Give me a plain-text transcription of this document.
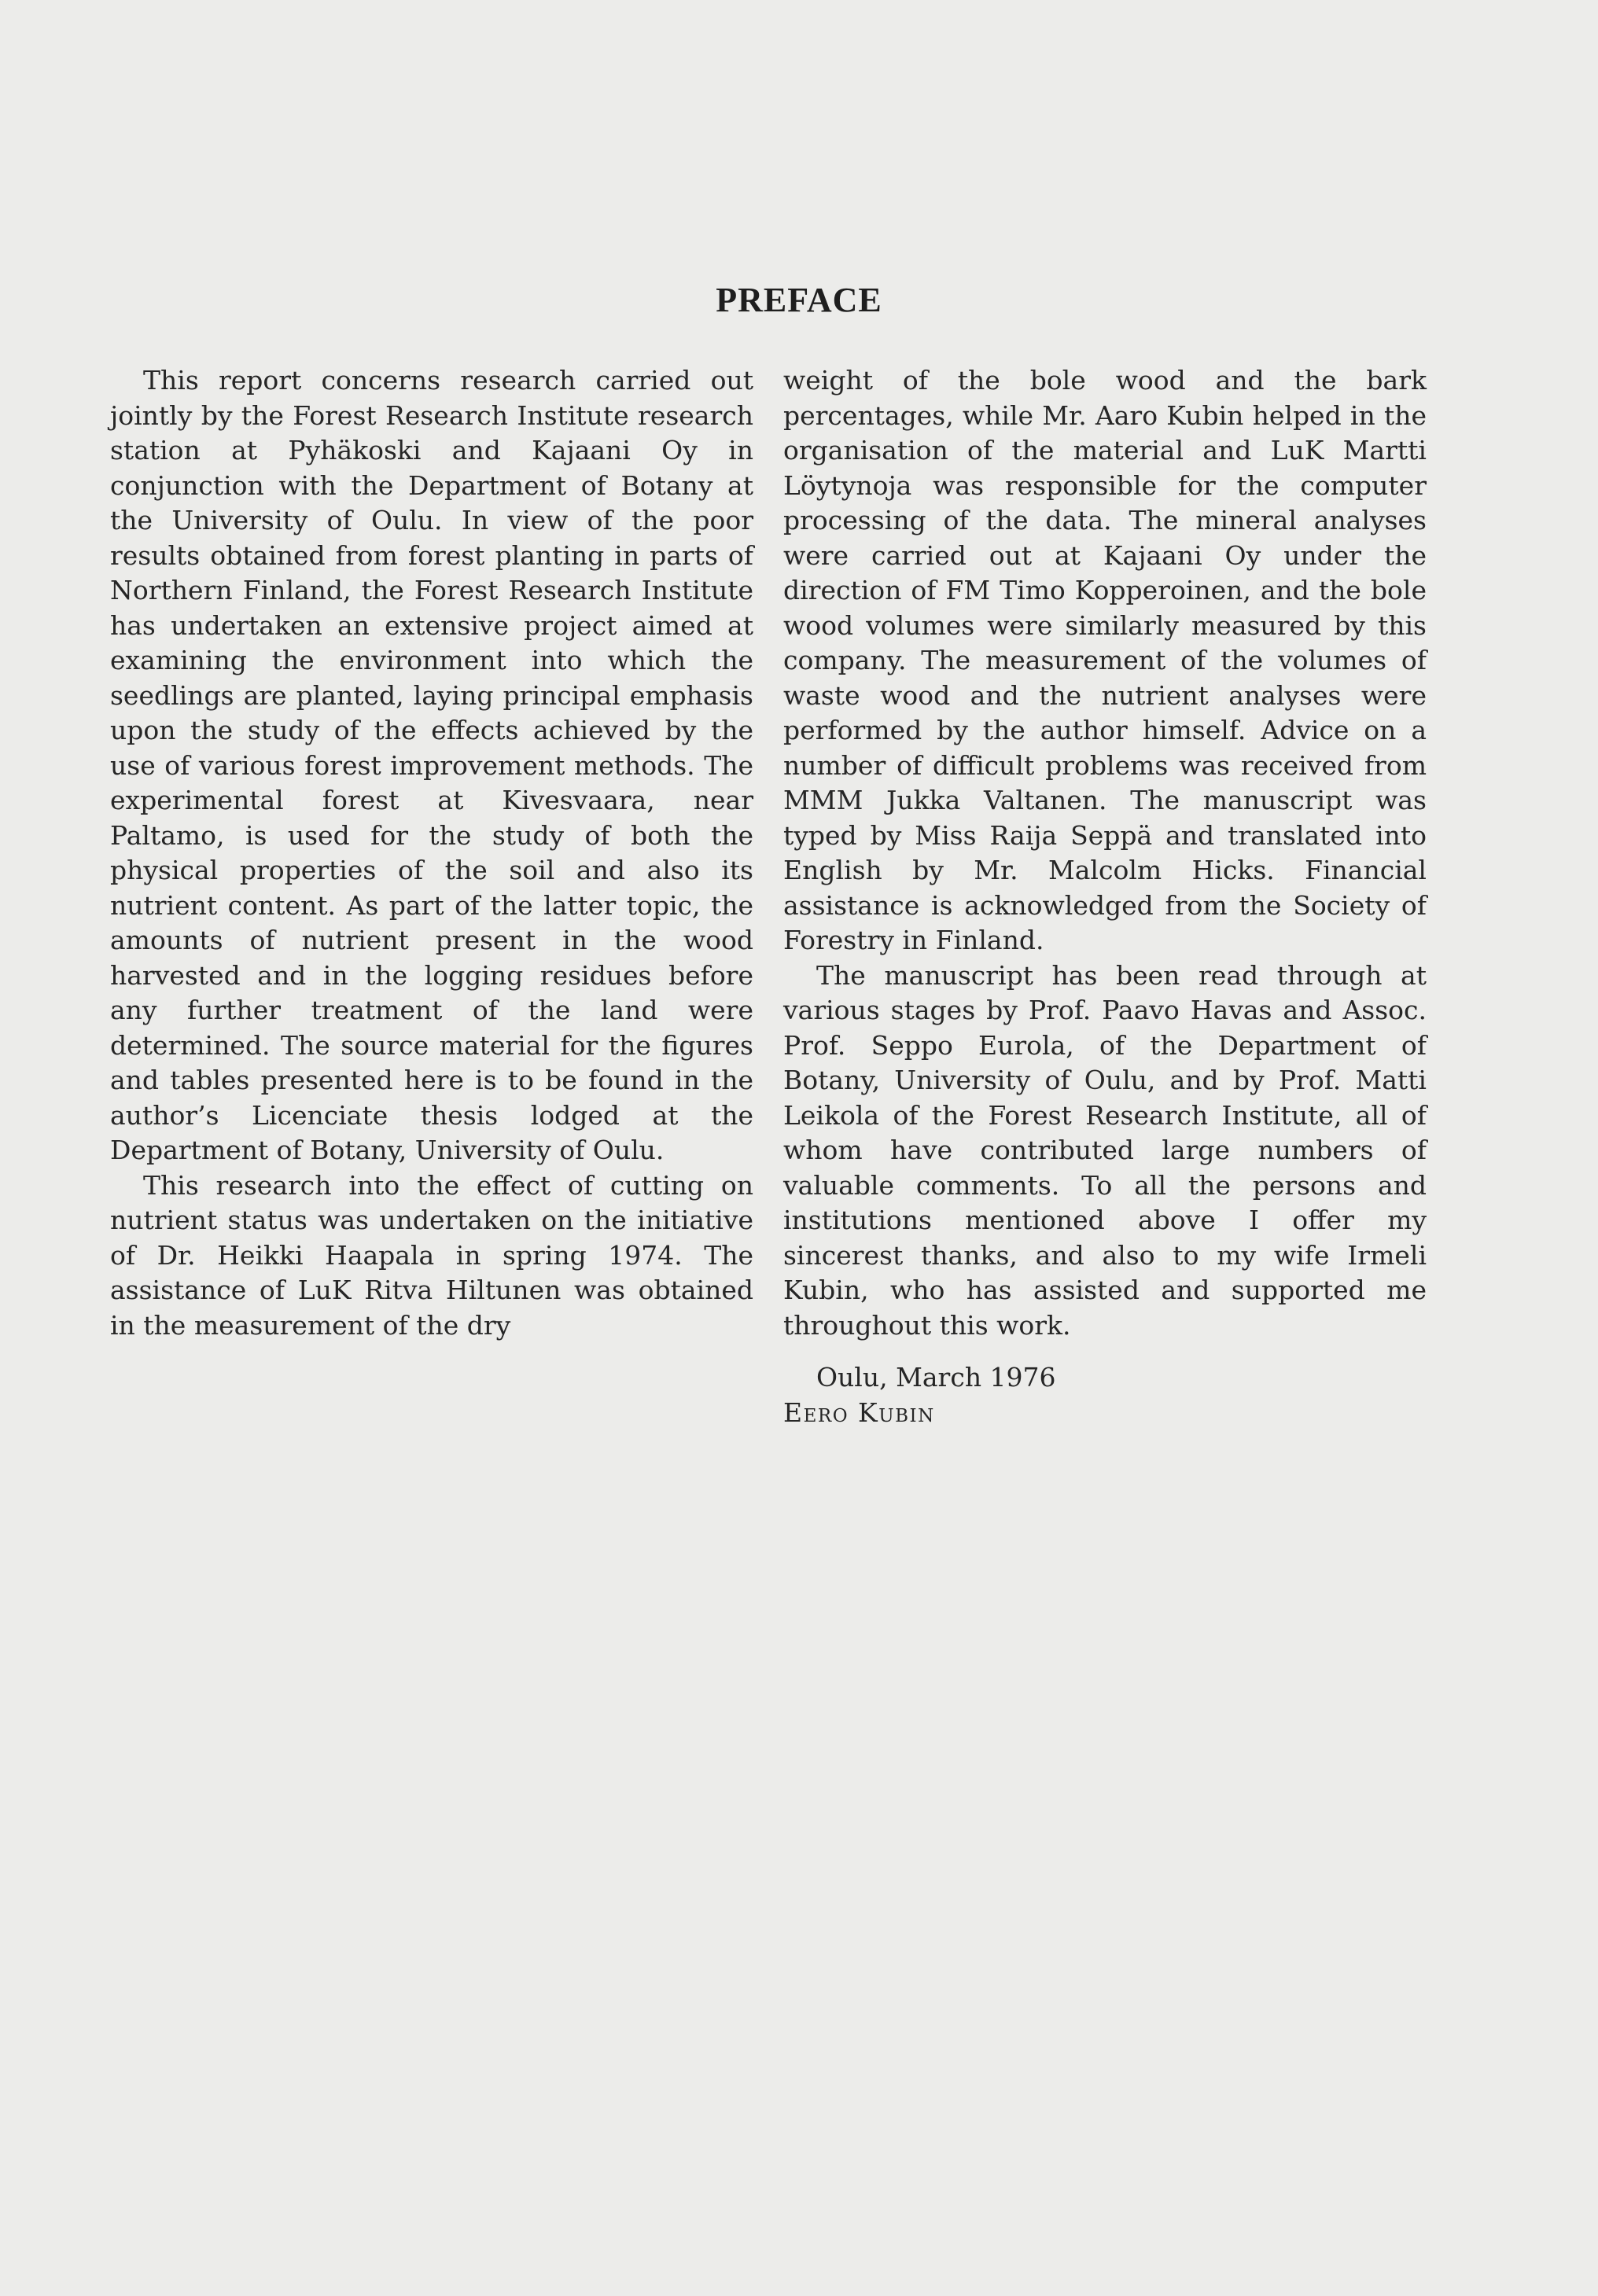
PREFACE

This report concerns research carried out jointly by the Forest Research Institute research station at Pyhäkoski and Kajaani Oy in conjunction with the Department of Botany at the University of Oulu. In view of the poor results obtained from forest planting in parts of Northern Finland, the Forest Research Institute has undertaken an extensive project aimed at examining the environment into which the seedlings are planted, laying principal emphasis upon the study of the effects achieved by the use of various forest improvement methods. The experimental forest at Kivesvaara, near Paltamo, is used for the study of both the physical properties of the soil and also its nutrient content. As part of the latter topic, the amounts of nutrient present in the wood harvested and in the logging residues before any further treatment of the land were determined. The source material for the figures and tables presented here is to be found in the author’s Licenciate thesis lodged at the Department of Botany, University of Oulu.

This research into the effect of cutting on nutrient status was undertaken on the initiative of Dr. Heikki Haapala in spring 1974. The assistance of LuK Ritva Hiltunen was obtained in the measurement of the dry

weight of the bole wood and the bark percentages, while Mr. Aaro Kubin helped in the organisation of the material and LuK Martti Löytynoja was responsible for the computer processing of the data. The mineral analyses were carried out at Kajaani Oy under the direction of FM Timo Kopperoinen, and the bole wood volumes were similarly measured by this company. The measurement of the volumes of waste wood and the nutrient analyses were performed by the author himself. Advice on a number of difficult problems was received from MMM Jukka Valtanen. The manuscript was typed by Miss Raija Seppä and translated into English by Mr. Malcolm Hicks. Financial assistance is acknowledged from the Society of Forestry in Finland.

The manuscript has been read through at various stages by Prof. Paavo Havas and Assoc. Prof. Seppo Eurola, of the Department of Botany, University of Oulu, and by Prof. Matti Leikola of the Forest Research Institute, all of whom have contributed large numbers of valuable comments. To all the persons and institutions mentioned above I offer my sincerest thanks, and also to my wife Irmeli Kubin, who has assisted and supported me throughout this work.

Oulu, March 1976

Eero Kubin
